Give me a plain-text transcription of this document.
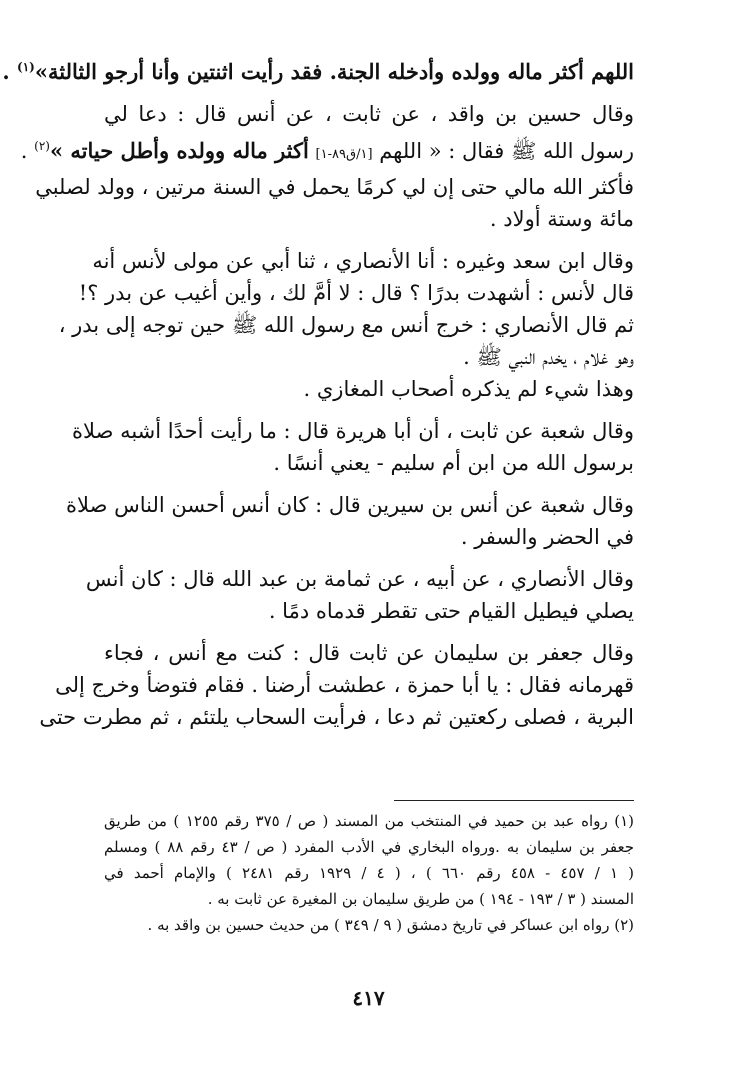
اللهم أكثر ماله وولده وأدخله الجنة. فقد رأيت اثنتين وأنا أرجو الثالثة»$^{(١)}$ .
وقال حسين بن واقد ، عن ثابت ، عن أنس قال : دعا لي
رسول الله ﷺ فقال : « اللهم [١/ق٨٩-١] أكثر ماله وولده وأطل حياته »$^{(٢)}$ .
فأكثر الله مالي حتى إن لي كرمًا يحمل في السنة مرتين ، وولد لصلبي
مائة وستة أولاد .
وقال ابن سعد وغيره : أنا الأنصاري ، ثنا أبي عن مولى لأنس أنه
قال لأنس : أشهدت بدرًا ؟ قال : لا أمَّ لك ، وأين أغيب عن بدر ؟!
ثم قال الأنصاري : خرج أنس مع رسول الله ﷺ حين توجه إلى بدر ،
وهو غلام ، يخدم النبي ﷺ .
وهذا شيء لم يذكره أصحاب المغازي .
وقال شعبة عن ثابت ، أن أبا هريرة قال : ما رأيت أحدًا أشبه صلاة
برسول الله من ابن أم سليم - يعني أنسًا .
وقال شعبة عن أنس بن سيرين قال : كان أنس أحسن الناس صلاة
في الحضر والسفر .
وقال الأنصاري ، عن أبيه ، عن ثمامة بن عبد الله قال : كان أنس
يصلي فيطيل القيام حتى تقطر قدماه دمًا .
وقال جعفر بن سليمان عن ثابت قال : كنت مع أنس ، فجاء
قهرمانه فقال : يا أبا حمزة ، عطشت أرضنا . فقام فتوضأ وخرج إلى
البرية ، فصلى ركعتين ثم دعا ، فرأيت السحاب يلتئم ، ثم مطرت حتى
(١) رواه عبد بن حميد في المنتخب من المسند ( ص / ٣٧٥ رقم ١٢٥٥ ) من طريق
جعفر بن سليمان به .ورواه البخاري في الأدب المفرد ( ص / ٤٣ رقم ٨٨ ) ومسلم
( ١ / ٤٥٧ - ٤٥٨ رقم ٦٦٠ ) ، ( ٤ / ١٩٢٩ رقم ٢٤٨١ ) والإمام أحمد في
المسند ( ٣ / ١٩٣ - ١٩٤ ) من طريق سليمان بن المغيرة عن ثابت به .
(٢) رواه ابن عساكر في تاريخ دمشق ( ٩ / ٣٤٩ ) من حديث حسين بن واقد به .
٤١٧
